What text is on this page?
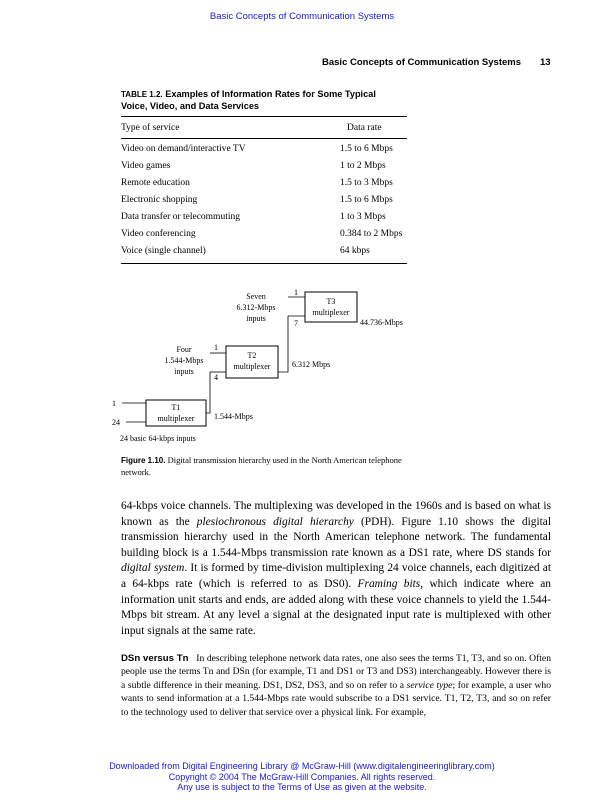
Basic Concepts of Communication Systems
Basic Concepts of Communication Systems 13
TABLE 1.2. Examples of Information Rates for Some Typical
Voice, Video, and Data Services
Type of service	Data rate
Video on demand/interactive TV	1.5 to 6 Mbps
Video games	1 to 2 Mbps
Remote education	1.5 to 3 Mbps
Electronic shopping	1.5 to 6 Mbps
Data transfer or telecommuting	1 to 3 Mbps
Video conferencing	0.384 to 2 Mbps
Voice (single channel)	64 kbps
Seven
6.312-Mbps
inputs
1
7
T3
multiplexer
44.736-Mbps
Four
1.544-Mbps
inputs
1
4
T2
multiplexer	6.312 Mbps
1
24
T1
multiplexer 1.544-Mbps
24 basic 64-kbps inputs
Figure 1.10. Digital transmission hierarchy used in the North American telephone network.
64-kbps voice channels. The multiplexing was developed in the 1960s and is based on what is known as the plesiochronous digital hierarchy (PDH). Figure 1.10 shows the digital transmission hierarchy used in the North American telephone network. The fundamental building block is a 1.544-Mbps transmission rate known as a DS1 rate, where DS stands for digital system. It is formed by time-division multiplexing 24 voice channels, each digitized at a 64-kbps rate (which is referred to as DS0). Framing bits, which indicate where an information unit starts and ends, are added along with these voice channels to yield the 1.544-Mbps bit stream. At any level a signal at the designated input rate is multiplexed with other input signals at the same rate.
DSn versus Tn In describing telephone network data rates, one also sees the terms T1, T3, and so on. Often people use the terms Tn and DSn (for example, T1 and DS1 or T3 and DS3) interchangeably. However there is a subtle difference in their meaning. DS1, DS2, DS3, and so on refer to a service type; for example, a user who wants to send information at a 1.544-Mbps rate would subscribe to a DS1 service. T1, T2, T3, and so on refer to the technology used to deliver that service over a physical link. For example,
Downloaded from Digital Engineering Library @ McGraw-Hill (www.digitalengineeringlibrary.com)
Copyright © 2004 The McGraw-Hill Companies. All rights reserved.
Any use is subject to the Terms of Use as given at the website.
